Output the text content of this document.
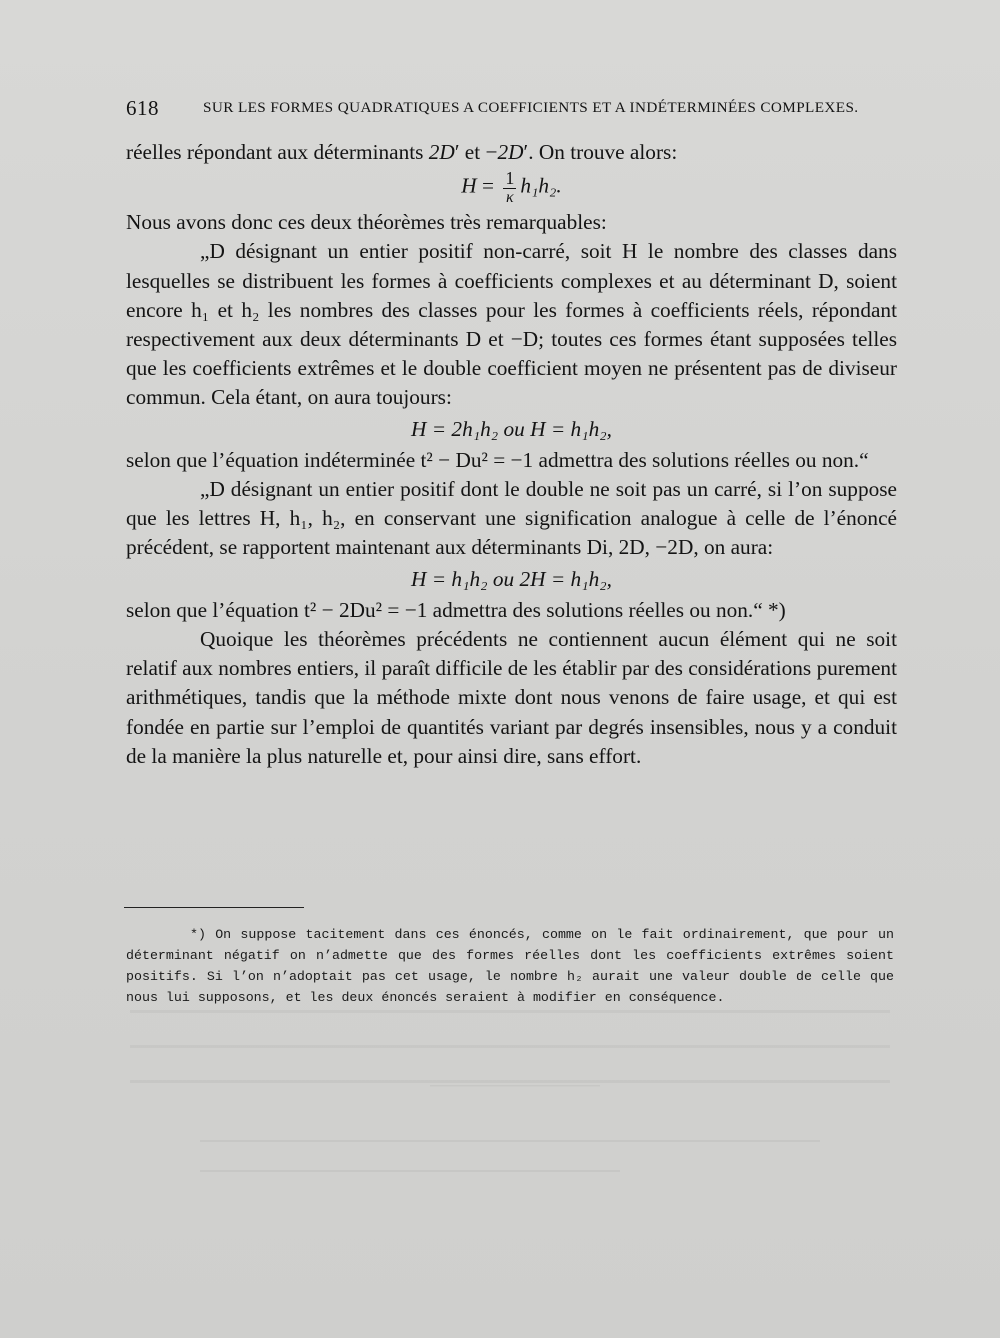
618	SUR LES FORMES QUADRATIQUES A COEFFICIENTS ET A INDÉTERMINÉES COMPLEXES.

réelles répondant aux déterminants 2D′ et −2D′. On trouve alors:

$H = \frac{1}{\kappa} h_1h_2$.

Nous avons donc ces deux théorèmes très remarquables:

„D désignant un entier positif non-carré, soit H le nombre des classes dans lesquelles se distribuent les formes à coefficients complexes et au déterminant D, soient encore h₁ et h₂ les nombres des classes pour les formes à coefficients réels, répondant respectivement aux deux déterminants D et −D; toutes ces formes étant supposées telles que les coefficients extrêmes et le double coefficient moyen ne présentent pas de diviseur commun. Cela étant, on aura toujours:

H = 2h₁h₂ ou H = h₁h₂,

selon que l’équation indéterminée t² − Du² = −1 admettra des solutions réelles ou non.“

„D désignant un entier positif dont le double ne soit pas un carré, si l’on suppose que les lettres H, h₁, h₂, en conservant une signification analogue à celle de l’énoncé précédent, se rapportent maintenant aux déterminants Di, 2D, −2D, on aura:

H = h₁h₂ ou 2H = h₁h₂,

selon que l’équation t² − 2Du² = −1 admettra des solutions réelles ou non.“ *)

Quoique les théorèmes précédents ne contiennent aucun élément qui ne soit relatif aux nombres entiers, il paraît difficile de les établir par des considérations purement arithmétiques, tandis que la méthode mixte dont nous venons de faire usage, et qui est fondée en partie sur l’emploi de quantités variant par degrés insensibles, nous y a conduit de la manière la plus naturelle et, pour ainsi dire, sans effort.

*) On suppose tacitement dans ces énoncés, comme on le fait ordinairement, que pour un déterminant négatif on n’admette que des formes réelles dont les coefficients extrêmes soient positifs. Si l’on n’adoptait pas cet usage, le nombre h₂ aurait une valeur double de celle que nous lui supposons, et les deux énoncés seraient à modifier en conséquence.
